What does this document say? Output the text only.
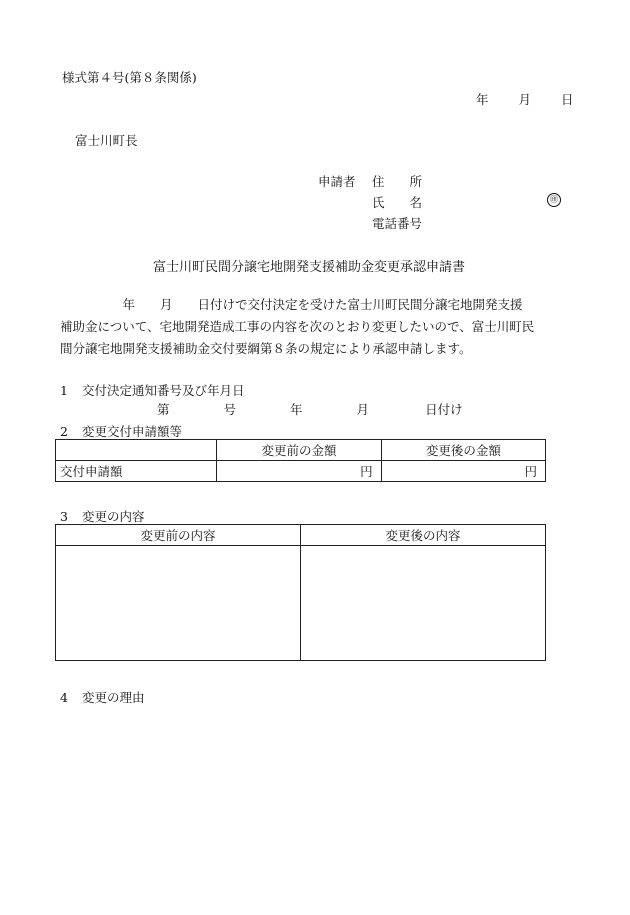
様式第４号(第８条関係)
年 月 日
富士川町長
申請者 住　　所
氏　　名	㊞
電話番号
富士川町民間分譲宅地開発支援補助金変更承認申請書
　　　　　年　　月　　日付けで交付決定を受けた富士川町民間分譲宅地開発支援
補助金について、宅地開発造成工事の内容を次のとおり変更したいので、富士川町民
間分譲宅地開発支援補助金交付要綱第８条の規定により承認申請します。
1 交付決定通知番号及び年月日
第	号	年	月	日付け
2 変更交付申請額等
	変更前の金額	変更後の金額
交付申請額	円	円
3 変更の内容
変更前の内容	変更後の内容

4 変更の理由
